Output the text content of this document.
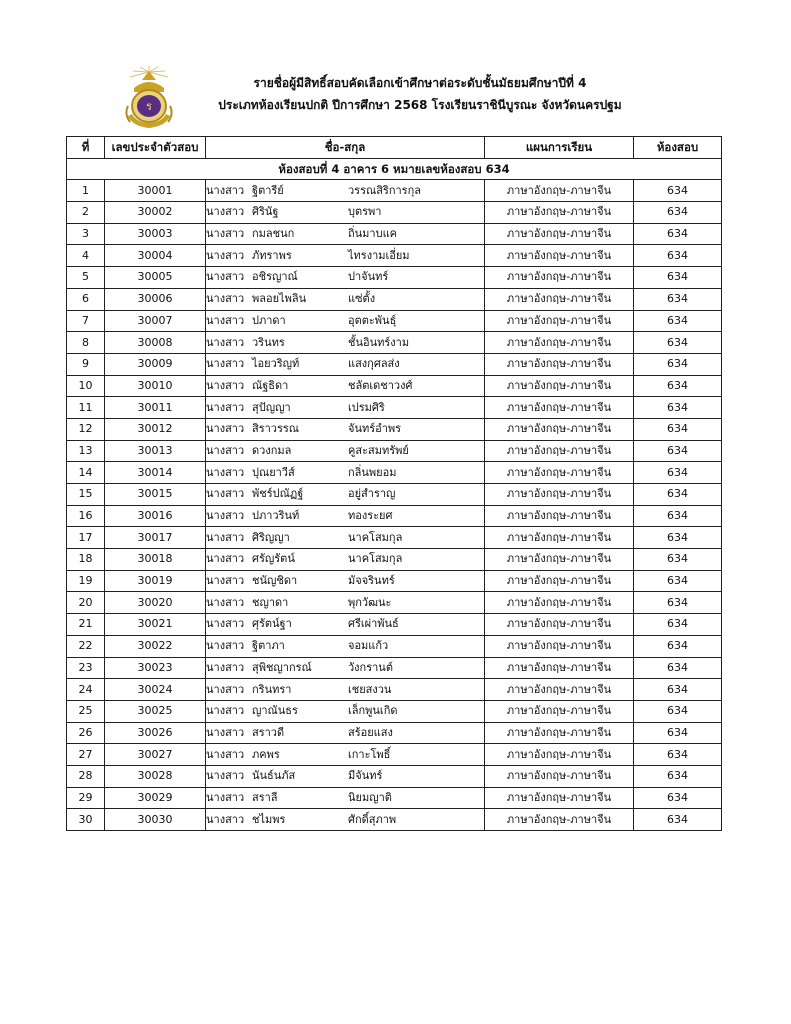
ร
รายชื่อผู้มีสิทธิ์สอบคัดเลือกเข้าศึกษาต่อระดับชั้นมัธยมศึกษาปีที่ 4
ประเภทห้องเรียนปกติ ปีการศึกษา 2568 โรงเรียนราชินีบูรณะ จังหวัดนครปฐม
ที่	เลขประจำตัวสอบ	ชื่อ-สกุล	แผนการเรียน	ห้องสอบ
ห้องสอบที่ 4 อาคาร 6 หมายเลขห้องสอบ 634				
1	30001	นางสาว ฐิตารีย์ วรรณสิริการกุล	ภาษาอังกฤษ-ภาษาจีน	634
2	30002	นางสาว ศิรินัฐ บุตรพา	ภาษาอังกฤษ-ภาษาจีน	634
3	30003	นางสาว กมลชนก ถิ่นมาบแค	ภาษาอังกฤษ-ภาษาจีน	634
4	30004	นางสาว ภัทราพร ไทรงามเอี่ยม	ภาษาอังกฤษ-ภาษาจีน	634
5	30005	นางสาว อชิรญาณ์ ปาจันทร์	ภาษาอังกฤษ-ภาษาจีน	634
6	30006	นางสาว พลอยไพลิน แซ่ตั้ง	ภาษาอังกฤษ-ภาษาจีน	634
7	30007	นางสาว ปภาดา อุตตะพันธุ์	ภาษาอังกฤษ-ภาษาจีน	634
8	30008	นางสาว วรินทร ชั้นอินทร์งาม	ภาษาอังกฤษ-ภาษาจีน	634
9	30009	นางสาว ไอยวริญท์ แสงกุศลส่ง	ภาษาอังกฤษ-ภาษาจีน	634
10	30010	นางสาว ณัฐธิดา ชลัตเดชาวงศ์	ภาษาอังกฤษ-ภาษาจีน	634
11	30011	นางสาว สุปัญญา เปรมศิริ	ภาษาอังกฤษ-ภาษาจีน	634
12	30012	นางสาว สิราวรรณ จันทร์อำพร	ภาษาอังกฤษ-ภาษาจีน	634
13	30013	นางสาว ดวงกมล คูสะสมทรัพย์	ภาษาอังกฤษ-ภาษาจีน	634
14	30014	นางสาว ปุณยาวีส์ กลิ่นพยอม	ภาษาอังกฤษ-ภาษาจีน	634
15	30015	นางสาว พัชร์ปณัฏฐ์ อยู่สำราญ	ภาษาอังกฤษ-ภาษาจีน	634
16	30016	นางสาว ปภาวรินท์ ทองระยศ	ภาษาอังกฤษ-ภาษาจีน	634
17	30017	นางสาว ศิริญญา นาคโสมกุล	ภาษาอังกฤษ-ภาษาจีน	634
18	30018	นางสาว ศรัญรัตน์ นาคโสมกุล	ภาษาอังกฤษ-ภาษาจีน	634
19	30019	นางสาว ชนัญชิดา มัจจรินทร์	ภาษาอังกฤษ-ภาษาจีน	634
20	30020	นางสาว ชญาดา พุกวัฒนะ	ภาษาอังกฤษ-ภาษาจีน	634
21	30021	นางสาว ศุรัตน์ฐา ศรีเผ่าพันธ์	ภาษาอังกฤษ-ภาษาจีน	634
22	30022	นางสาว ฐิตาภา จอมแก้ว	ภาษาอังกฤษ-ภาษาจีน	634
23	30023	นางสาว สุพิชญากรณ์ วังกรานต์	ภาษาอังกฤษ-ภาษาจีน	634
24	30024	นางสาว กรินทรา เชยสงวน	ภาษาอังกฤษ-ภาษาจีน	634
25	30025	นางสาว ญาณันธร เล็กพูนเกิด	ภาษาอังกฤษ-ภาษาจีน	634
26	30026	นางสาว สราวดี สร้อยแสง	ภาษาอังกฤษ-ภาษาจีน	634
27	30027	นางสาว ภคพร เกาะโพธิ์	ภาษาอังกฤษ-ภาษาจีน	634
28	30028	นางสาว นันธ์นภัส มีจันทร์	ภาษาอังกฤษ-ภาษาจีน	634
29	30029	นางสาว สราลี นิยมญาติ	ภาษาอังกฤษ-ภาษาจีน	634
30	30030	นางสาว ชไมพร ศักดิ์สุภาพ	ภาษาอังกฤษ-ภาษาจีน	634
